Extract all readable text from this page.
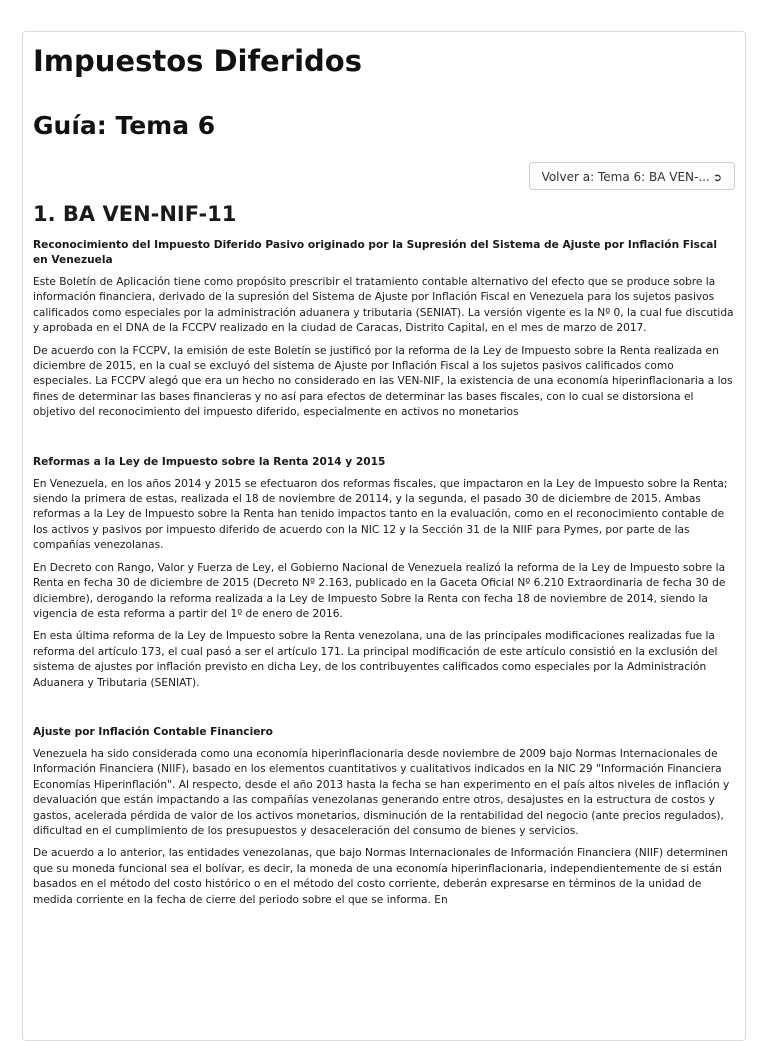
Impuestos Diferidos
Guía: Tema 6
Volver a: Tema 6: BA VEN-... ➲
1. BA VEN-NIF-11
Reconocimiento del Impuesto Diferido Pasivo originado por la Supresión del Sistema de Ajuste por Inflación Fiscal en Venezuela

Este Boletín de Aplicación tiene como propósito prescribir el tratamiento contable alternativo del efecto que se produce sobre la información financiera, derivado de la supresión del Sistema de Ajuste por Inflación Fiscal en Venezuela para los sujetos pasivos calificados como especiales por la administración aduanera y tributaria (SENIAT). La versión vigente es la Nº 0, la cual fue discutida y aprobada en el DNA de la FCCPV realizado en la ciudad de Caracas, Distrito Capital, en el mes de marzo de 2017.

De acuerdo con la FCCPV, la emisión de este Boletín se justificó por la reforma de la Ley de Impuesto sobre la Renta realizada en diciembre de 2015, en la cual se excluyó del sistema de Ajuste por Inflación Fiscal a los sujetos pasivos calificados como especiales. La FCCPV alegó que era un hecho no considerado en las VEN-NIF, la existencia de una economía hiperinflacionaria a los fines de determinar las bases financieras y no así para efectos de determinar las bases fiscales, con lo cual se distorsiona el objetivo del reconocimiento del impuesto diferido, especialmente en activos no monetarios

Reformas a la Ley de Impuesto sobre la Renta 2014 y 2015

En Venezuela, en los años 2014 y 2015 se efectuaron dos reformas fiscales, que impactaron en la Ley de Impuesto sobre la Renta; siendo la primera de estas, realizada el 18 de noviembre de 20114, y la segunda, el pasado 30 de diciembre de 2015. Ambas reformas a la Ley de Impuesto sobre la Renta han tenido impactos tanto en la evaluación, como en el reconocimiento contable de los activos y pasivos por impuesto diferido de acuerdo con la NIC 12 y la Sección 31 de la NIIF para Pymes, por parte de las compañías venezolanas.

En Decreto con Rango, Valor y Fuerza de Ley, el Gobierno Nacional de Venezuela realizó la reforma de la Ley de Impuesto sobre la Renta en fecha 30 de diciembre de 2015 (Decreto Nº 2.163, publicado en la Gaceta Oficial Nº 6.210 Extraordinaria de fecha 30 de diciembre), derogando la reforma realizada a la Ley de Impuesto Sobre la Renta con fecha 18 de noviembre de 2014, siendo la vigencia de esta reforma a partir del 1º de enero de 2016.

En esta última reforma de la Ley de Impuesto sobre la Renta venezolana, una de las principales modificaciones realizadas fue la reforma del artículo 173, el cual pasó a ser el artículo 171. La principal modificación de este artículo consistió en la exclusión del sistema de ajustes por inflación previsto en dicha Ley, de los contribuyentes calificados como especiales por la Administración Aduanera y Tributaria (SENIAT).

Ajuste por Inflación Contable Financiero

Venezuela ha sido considerada como una economía hiperinflacionaria desde noviembre de 2009 bajo Normas Internacionales de Información Financiera (NIIF), basado en los elementos cuantitativos y cualitativos indicados en la NIC 29 "Información Financiera Economías Hiperinflación". Al respecto, desde el año 2013 hasta la fecha se han experimento en el país altos niveles de inflación y devaluación que están impactando a las compañías venezolanas generando entre otros, desajustes en la estructura de costos y gastos, acelerada pérdida de valor de los activos monetarios, disminución de la rentabilidad del negocio (ante precios regulados), dificultad en el cumplimiento de los presupuestos y desaceleración del consumo de bienes y servicios.

De acuerdo a lo anterior, las entidades venezolanas, que bajo Normas Internacionales de Información Financiera (NIIF) determinen que su moneda funcional sea el bolívar, es decir, la moneda de una economía hiperinflacionaria, independientemente de si están basados en el método del costo histórico o en el método del costo corriente, deberán expresarse en términos de la unidad de medida corriente en la fecha de cierre del periodo sobre el que se informa. En
